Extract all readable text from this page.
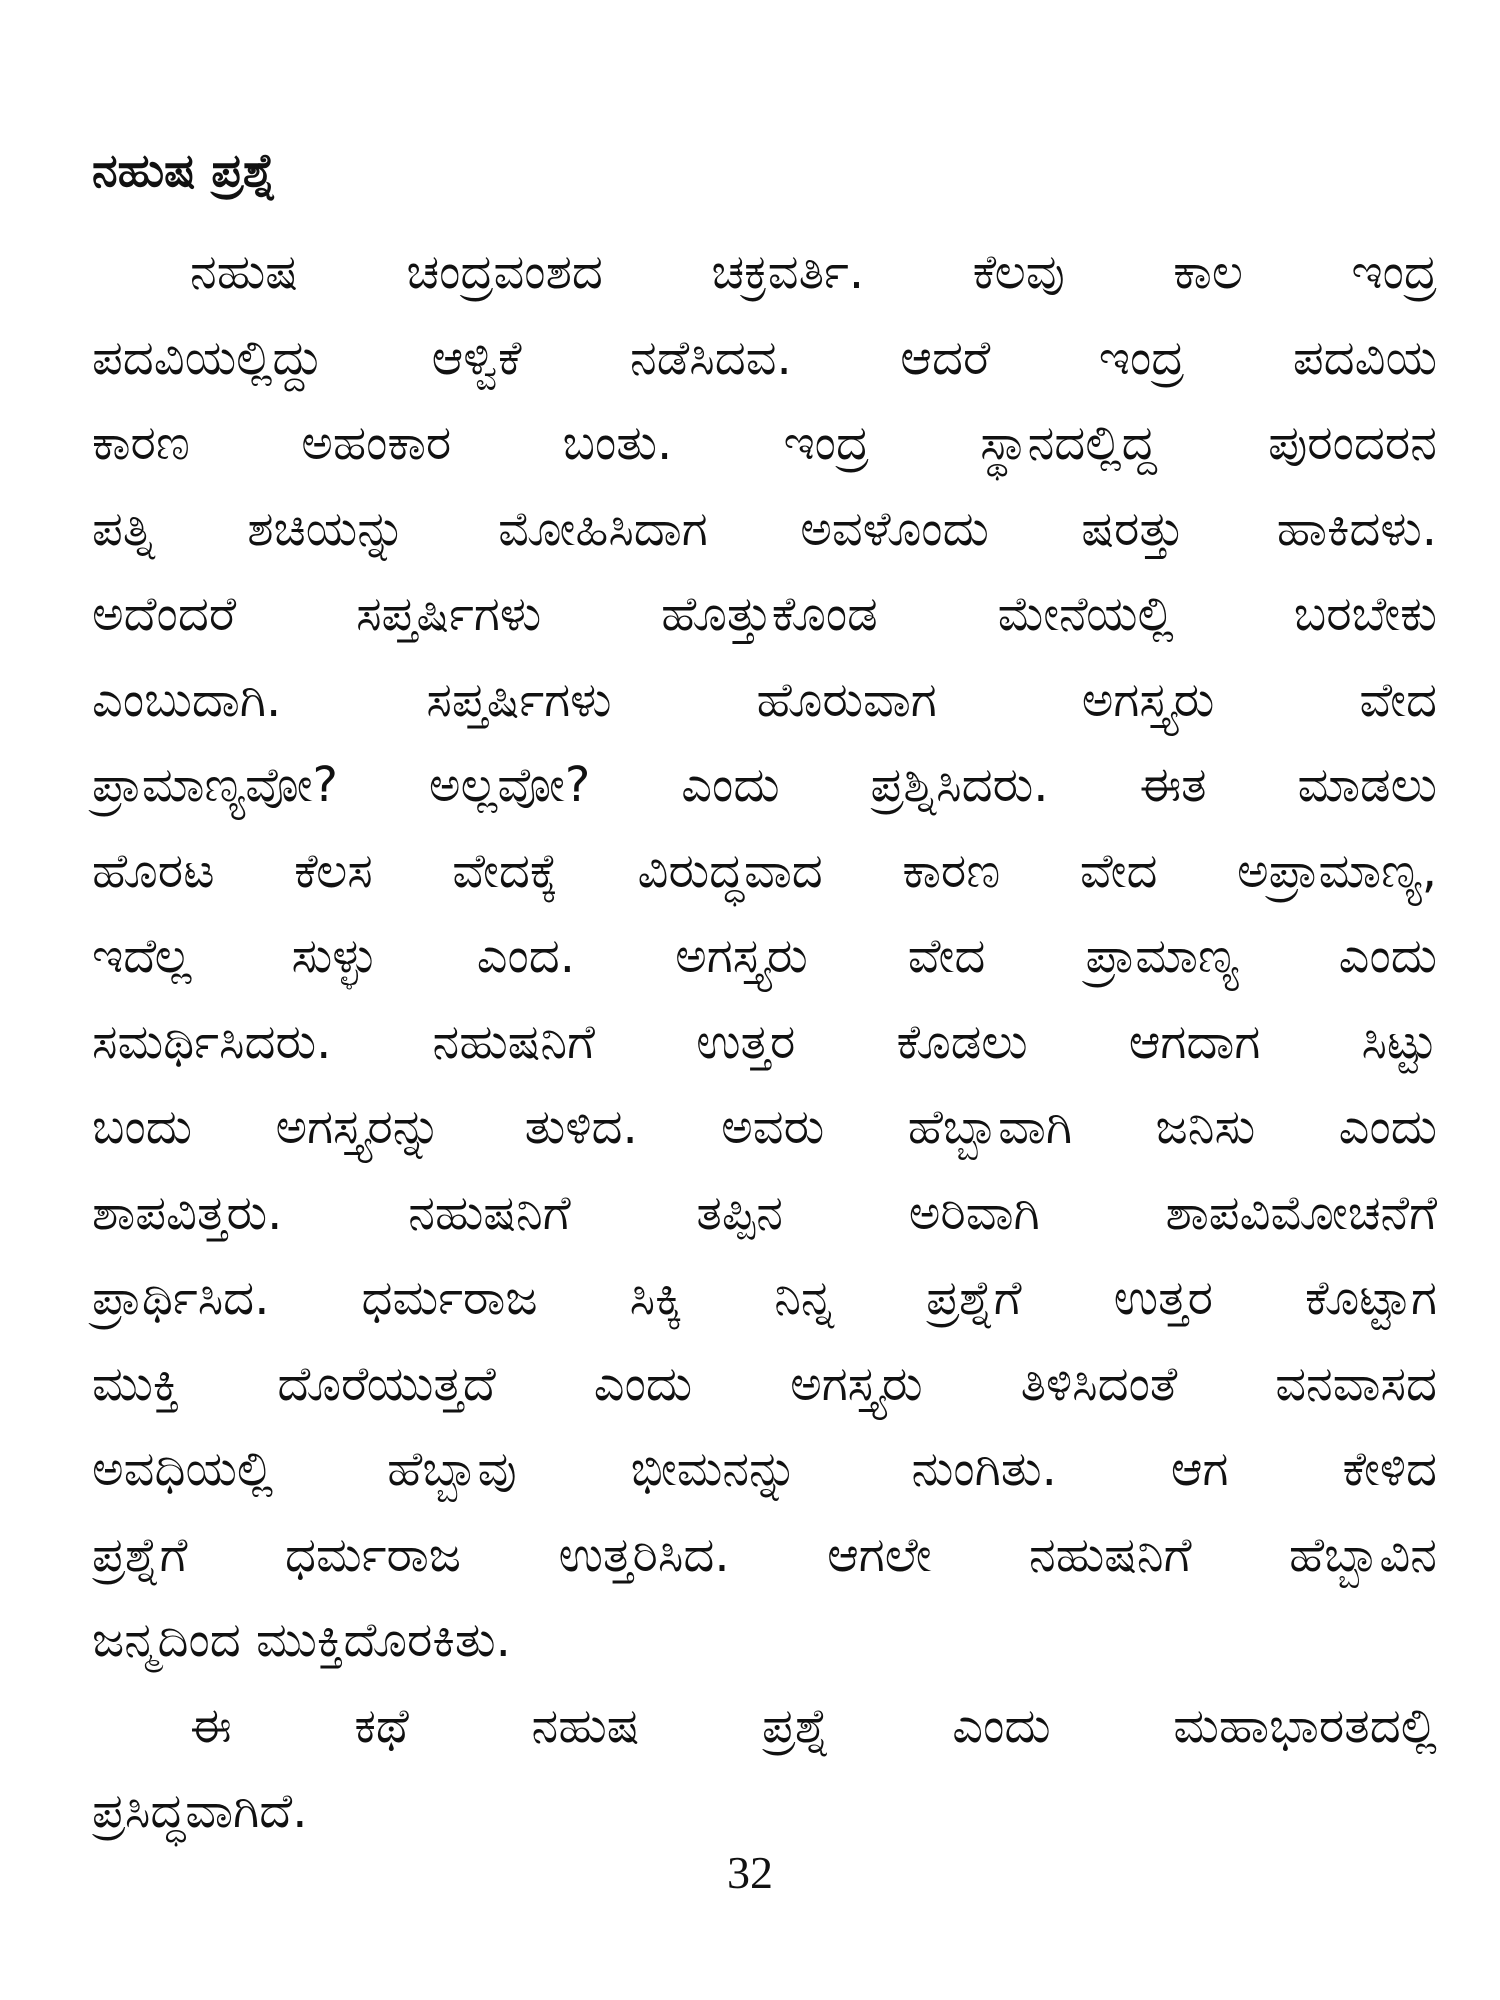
ನಹುಷ ಪ್ರಶ್ನೆ
ನಹುಷ ಚಂದ್ರವಂಶದ ಚಕ್ರವರ್ತಿ. ಕೆಲವು ಕಾಲ ಇಂದ್ರ
ಪದವಿಯಲ್ಲಿದ್ದು ಆಳ್ವಿಕೆ ನಡೆಸಿದವ. ಆದರೆ ಇಂದ್ರ ಪದವಿಯ
ಕಾರಣ ಅಹಂಕಾರ ಬಂತು. ಇಂದ್ರ ಸ್ಥಾನದಲ್ಲಿದ್ದ ಪುರಂದರನ
ಪತ್ನಿ ಶಚಿಯನ್ನು ಮೋಹಿಸಿದಾಗ ಅವಳೊಂದು ಷರತ್ತು ಹಾಕಿದಳು.
ಅದೆಂದರೆ ಸಪ್ತರ್ಷಿಗಳು ಹೊತ್ತುಕೊಂಡ ಮೇನೆಯಲ್ಲಿ ಬರಬೇಕು
ಎಂಬುದಾಗಿ. ಸಪ್ತರ್ಷಿಗಳು ಹೊರುವಾಗ ಅಗಸ್ತ್ಯರು ವೇದ
ಪ್ರಾಮಾಣ್ಯವೋ? ಅಲ್ಲವೋ? ಎಂದು ಪ್ರಶ್ನಿಸಿದರು. ಈತ ಮಾಡಲು
ಹೊರಟ ಕೆಲಸ ವೇದಕ್ಕೆ ವಿರುದ್ಧವಾದ ಕಾರಣ ವೇದ ಅಪ್ರಾಮಾಣ್ಯ,
ಇದೆಲ್ಲ ಸುಳ್ಳು ಎಂದ. ಅಗಸ್ತ್ಯರು ವೇದ ಪ್ರಾಮಾಣ್ಯ ಎಂದು
ಸಮರ್ಥಿಸಿದರು. ನಹುಷನಿಗೆ ಉತ್ತರ ಕೊಡಲು ಆಗದಾಗ ಸಿಟ್ಟು
ಬಂದು ಅಗಸ್ತ್ಯರನ್ನು ತುಳಿದ. ಅವರು ಹೆಬ್ಬಾವಾಗಿ ಜನಿಸು ಎಂದು
ಶಾಪವಿತ್ತರು. ನಹುಷನಿಗೆ ತಪ್ಪಿನ ಅರಿವಾಗಿ ಶಾಪವಿಮೋಚನೆಗೆ
ಪ್ರಾರ್ಥಿಸಿದ. ಧರ್ಮರಾಜ ಸಿಕ್ಕಿ ನಿನ್ನ ಪ್ರಶ್ನೆಗೆ ಉತ್ತರ ಕೊಟ್ಟಾಗ
ಮುಕ್ತಿ ದೊರೆಯುತ್ತದೆ ಎಂದು ಅಗಸ್ತ್ಯರು ತಿಳಿಸಿದಂತೆ ವನವಾಸದ
ಅವಧಿಯಲ್ಲಿ ಹೆಬ್ಬಾವು ಭೀಮನನ್ನು ನುಂಗಿತು. ಆಗ ಕೇಳಿದ
ಪ್ರಶ್ನೆಗೆ ಧರ್ಮರಾಜ ಉತ್ತರಿಸಿದ. ಆಗಲೇ ನಹುಷನಿಗೆ ಹೆಬ್ಬಾವಿನ
ಜನ್ಮದಿಂದ ಮುಕ್ತಿದೊರಕಿತು.
ಈ ಕಥೆ ನಹುಷ ಪ್ರಶ್ನೆ ಎಂದು ಮಹಾಭಾರತದಲ್ಲಿ
ಪ್ರಸಿದ್ಧವಾಗಿದೆ.
32
